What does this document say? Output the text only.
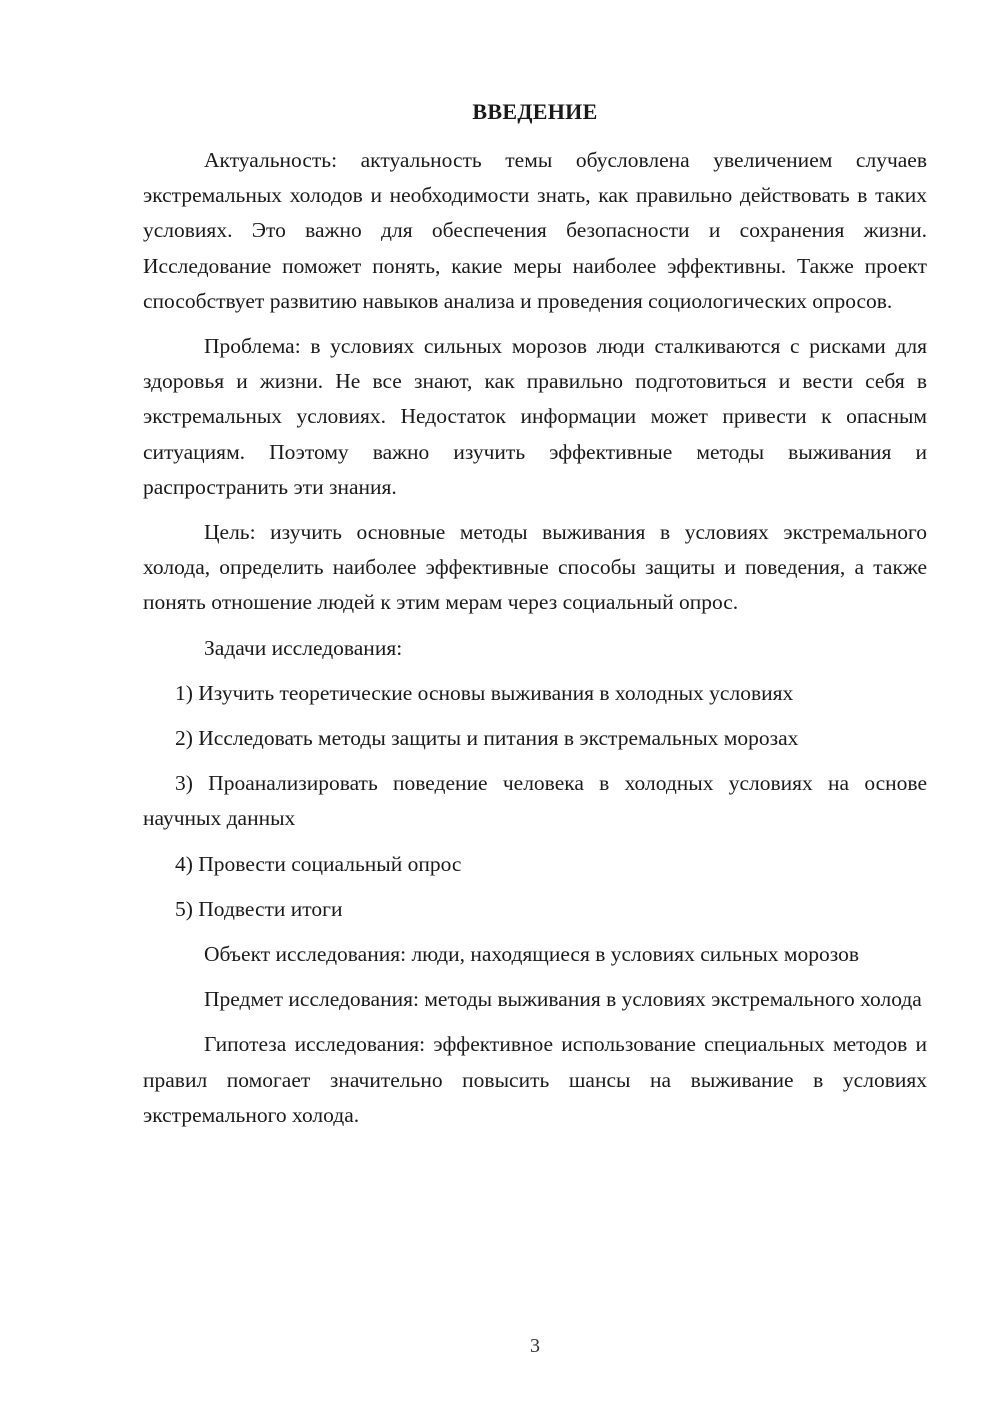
ВВЕДЕНИЕ

Актуальность: актуальность темы обусловлена увеличением случаев экстремальных холодов и необходимости знать, как правильно действовать в таких условиях. Это важно для обеспечения безопасности и сохранения жизни. Исследование поможет понять, какие меры наиболее эффективны. Также проект способствует развитию навыков анализа и проведения социологических опросов.

Проблема: в условиях сильных морозов люди сталкиваются с рисками для здоровья и жизни. Не все знают, как правильно подготовиться и вести себя в экстремальных условиях. Недостаток информации может привести к опасным ситуациям. Поэтому важно изучить эффективные методы выживания и распространить эти знания.

Цель: изучить основные методы выживания в условиях экстремального холода, определить наиболее эффективные способы защиты и поведения, а также понять отношение людей к этим мерам через социальный опрос.

Задачи исследования:

1) Изучить теоретические основы выживания в холодных условиях

2) Исследовать методы защиты и питания в экстремальных морозах

3) Проанализировать поведение человека в холодных условиях на основе научных данных

4) Провести социальный опрос

5) Подвести итоги

Объект исследования: люди, находящиеся в условиях сильных морозов

Предмет исследования: методы выживания в условиях экстремального холода

Гипотеза исследования: эффективное использование специальных методов и правил помогает значительно повысить шансы на выживание в условиях экстремального холода.

3
